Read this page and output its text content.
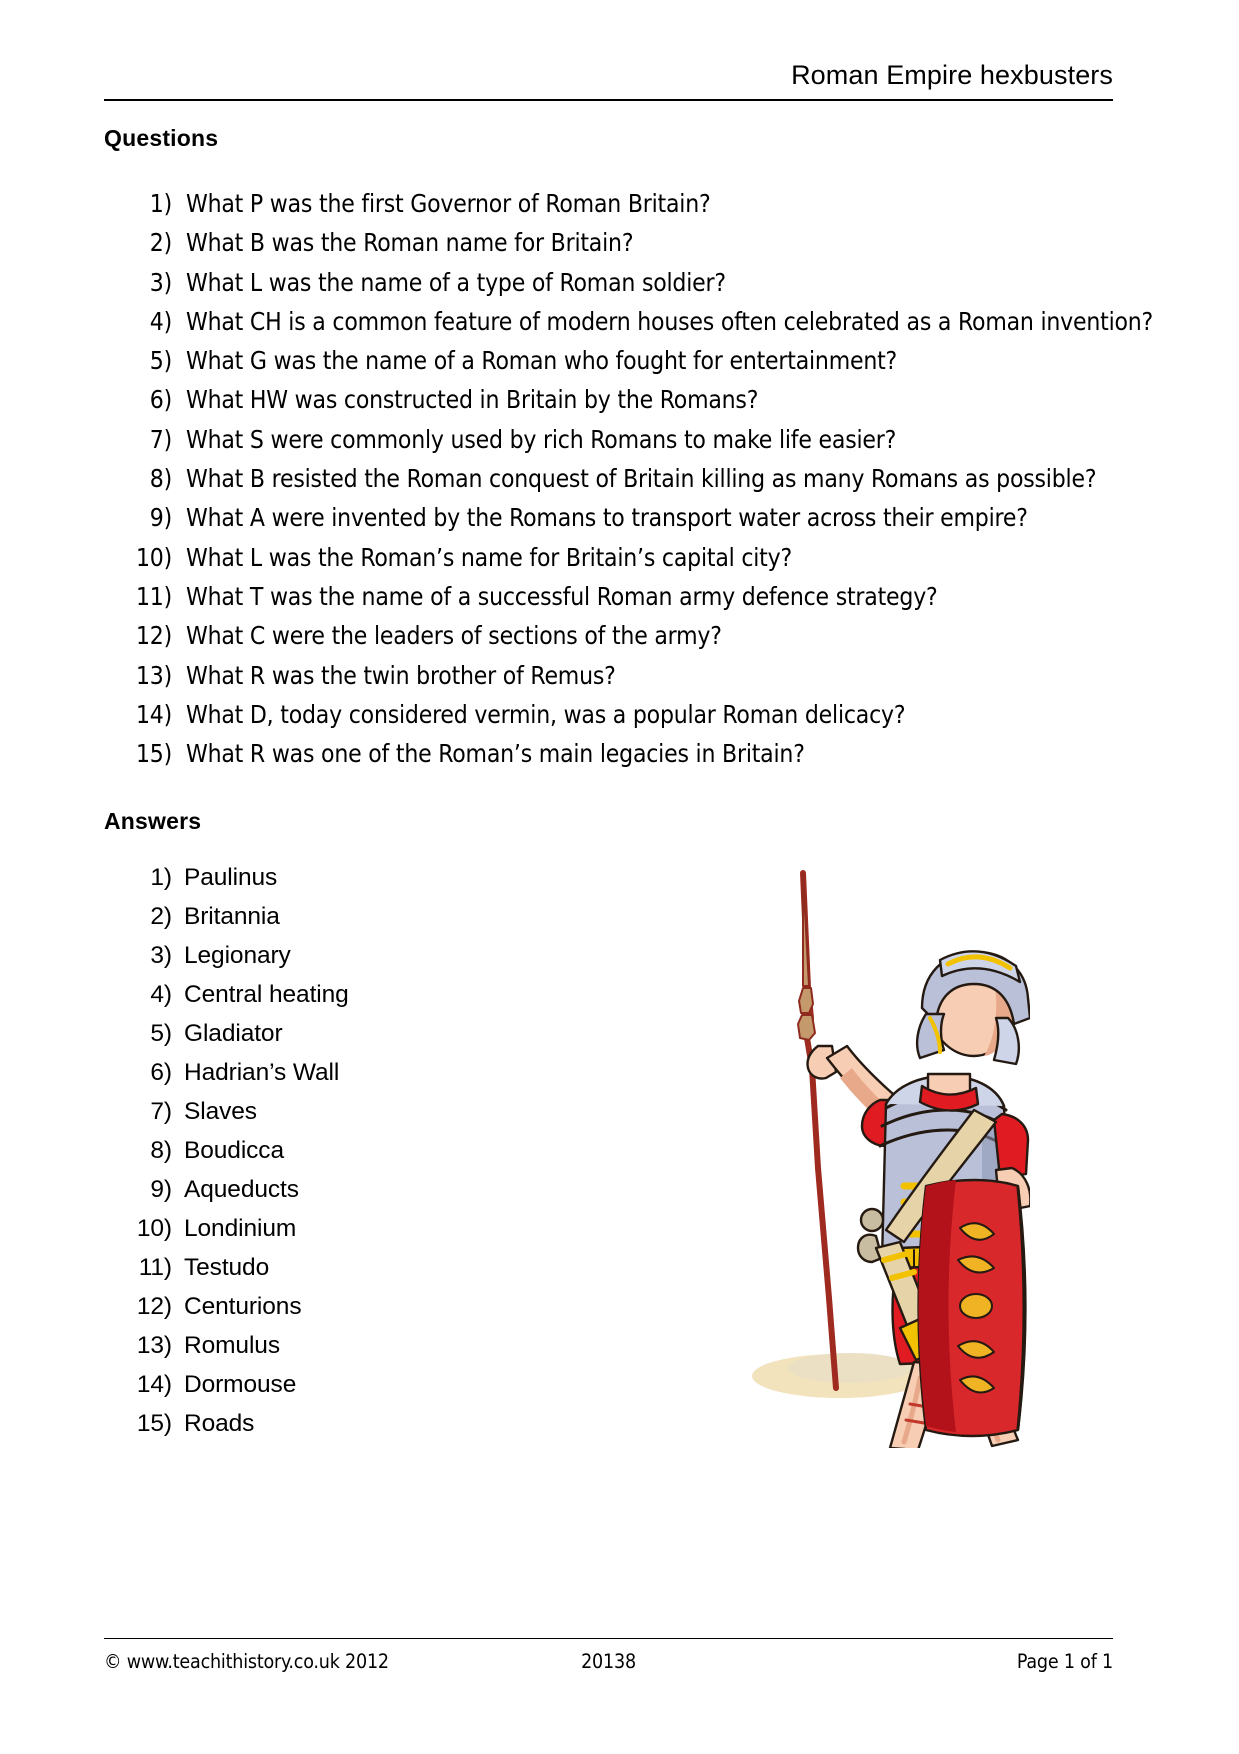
Roman Empire hexbusters
Questions
1) What P was the first Governor of Roman Britain?
2) What B was the Roman name for Britain?
3) What L was the name of a type of Roman soldier?
4) What CH is a common feature of modern houses often celebrated as a Roman invention?
5) What G was the name of a Roman who fought for entertainment?
6) What HW was constructed in Britain by the Romans?
7) What S were commonly used by rich Romans to make life easier?
8) What B resisted the Roman conquest of Britain killing as many Romans as possible?
9) What A were invented by the Romans to transport water across their empire?
10) What L was the Roman’s name for Britain’s capital city?
11) What T was the name of a successful Roman army defence strategy?
12) What C were the leaders of sections of the army?
13) What R was the twin brother of Remus?
14) What D, today considered vermin, was a popular Roman delicacy?
15) What R was one of the Roman’s main legacies in Britain?
Answers
1) Paulinus
2) Britannia
3) Legionary
4) Central heating
5) Gladiator
6) Hadrian’s Wall
7) Slaves
8) Boudicca
9) Aqueducts
10) Londinium
11) Testudo
12) Centurions
13) Romulus
14) Dormouse
15) Roads
© www.teachithistory.co.uk 2012	20138	Page 1 of 1
